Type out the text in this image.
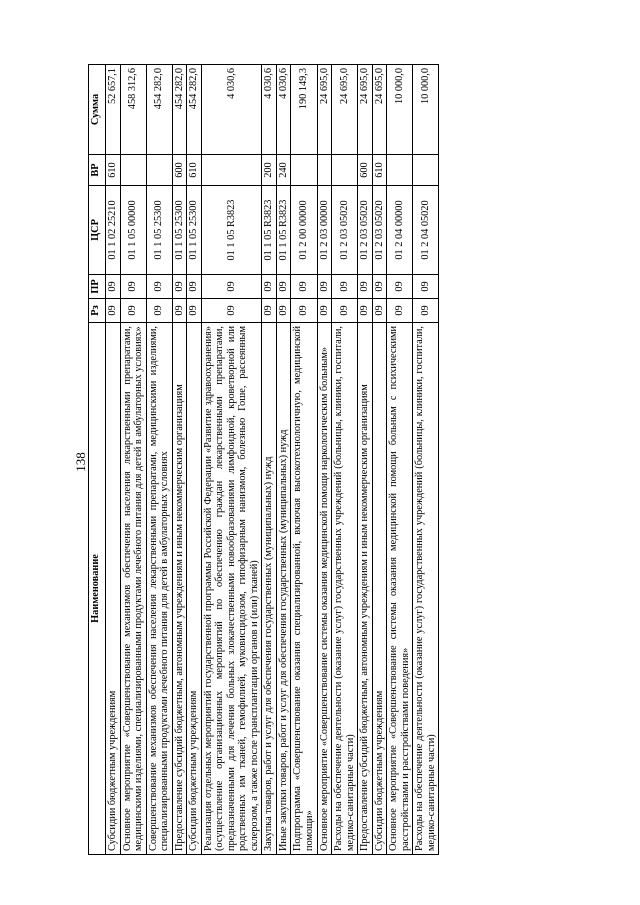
138
Наименование	Рз	ПР	ЦСР	ВР	Сумма
Субсидии бюджетным учреждениям	09	09	01 1 02 25210	610	52 657,1
Основное мероприятие «Совершенствование механизмов обеспечения населения лекарственными препаратами, медицинскими изделиями, специализированными продуктами лечебного питания для детей в амбулаторных условиях»	09	09	01 1 05 00000		458 312,6
Совершенствование механизмов обеспечения населения лекарственными препаратами, медицинскими изделиями, специализированными продуктами лечебного питания для детей в амбулаторных условиях	09	09	01 1 05 25300		454 282,0
Предоставление субсидий бюджетным, автономным учреждениям и иным некоммерческим организациям	09	09	01 1 05 25300	600	454 282,0
Субсидии бюджетным учреждениям	09	09	01 1 05 25300	610	454 282,0
Реализация отдельных мероприятий государственной программы Российской Федерации «Развитие здравоохранения» (осуществление организационных мероприятий по обеспечению граждан лекарственными препаратами, предназначенными для лечения больных злокачественными новообразованиями лимфоидной, кроветворной или родственных им тканей, гемофилией, муковисцидозом, гипофизарным нанизмом, болезнью Гоше, рассеянным склерозом, а также после трансплантации органов и (или) тканей)	09	09	01 1 05 R3823		4 030,6
Закупка товаров, работ и услуг для обеспечения государственных (муниципальных) нужд	09	09	01 1 05 R3823	200	4 030,6
Иные закупки товаров, работ и услуг для обеспечения государственных (муниципальных) нужд	09	09	01 1 05 R3823	240	4 030,6
Подпрограмма «Совершенствование оказания специализированной, включая высокотехнологичную, медицинской помощи»	09	09	01 2 00 00000		190 149,3
Основное мероприятие «Совершенствование системы оказания медицинской помощи наркологическим больным»	09	09	01 2 03 00000		24 695,0
Расходы на обеспечение деятельности (оказание услуг) государственных учреждений (больницы, клиники, госпитали, медико-санитарные части)	09	09	01 2 03 05020		24 695,0
Предоставление субсидий бюджетным, автономным учреждениям и иным некоммерческим организациям	09	09	01 2 03 05020	600	24 695,0
Субсидии бюджетным учреждениям	09	09	01 2 03 05020	610	24 695,0
Основное мероприятие «Совершенствование системы оказания медицинской помощи больным с психическими расстройствами и расстройствами поведения»	09	09	01 2 04 00000		10 000,0
Расходы на обеспечение деятельности (оказание услуг) государственных учреждений (больницы, клиники, госпитали, медико-санитарные части)	09	09	01 2 04 05020		10 000,0
